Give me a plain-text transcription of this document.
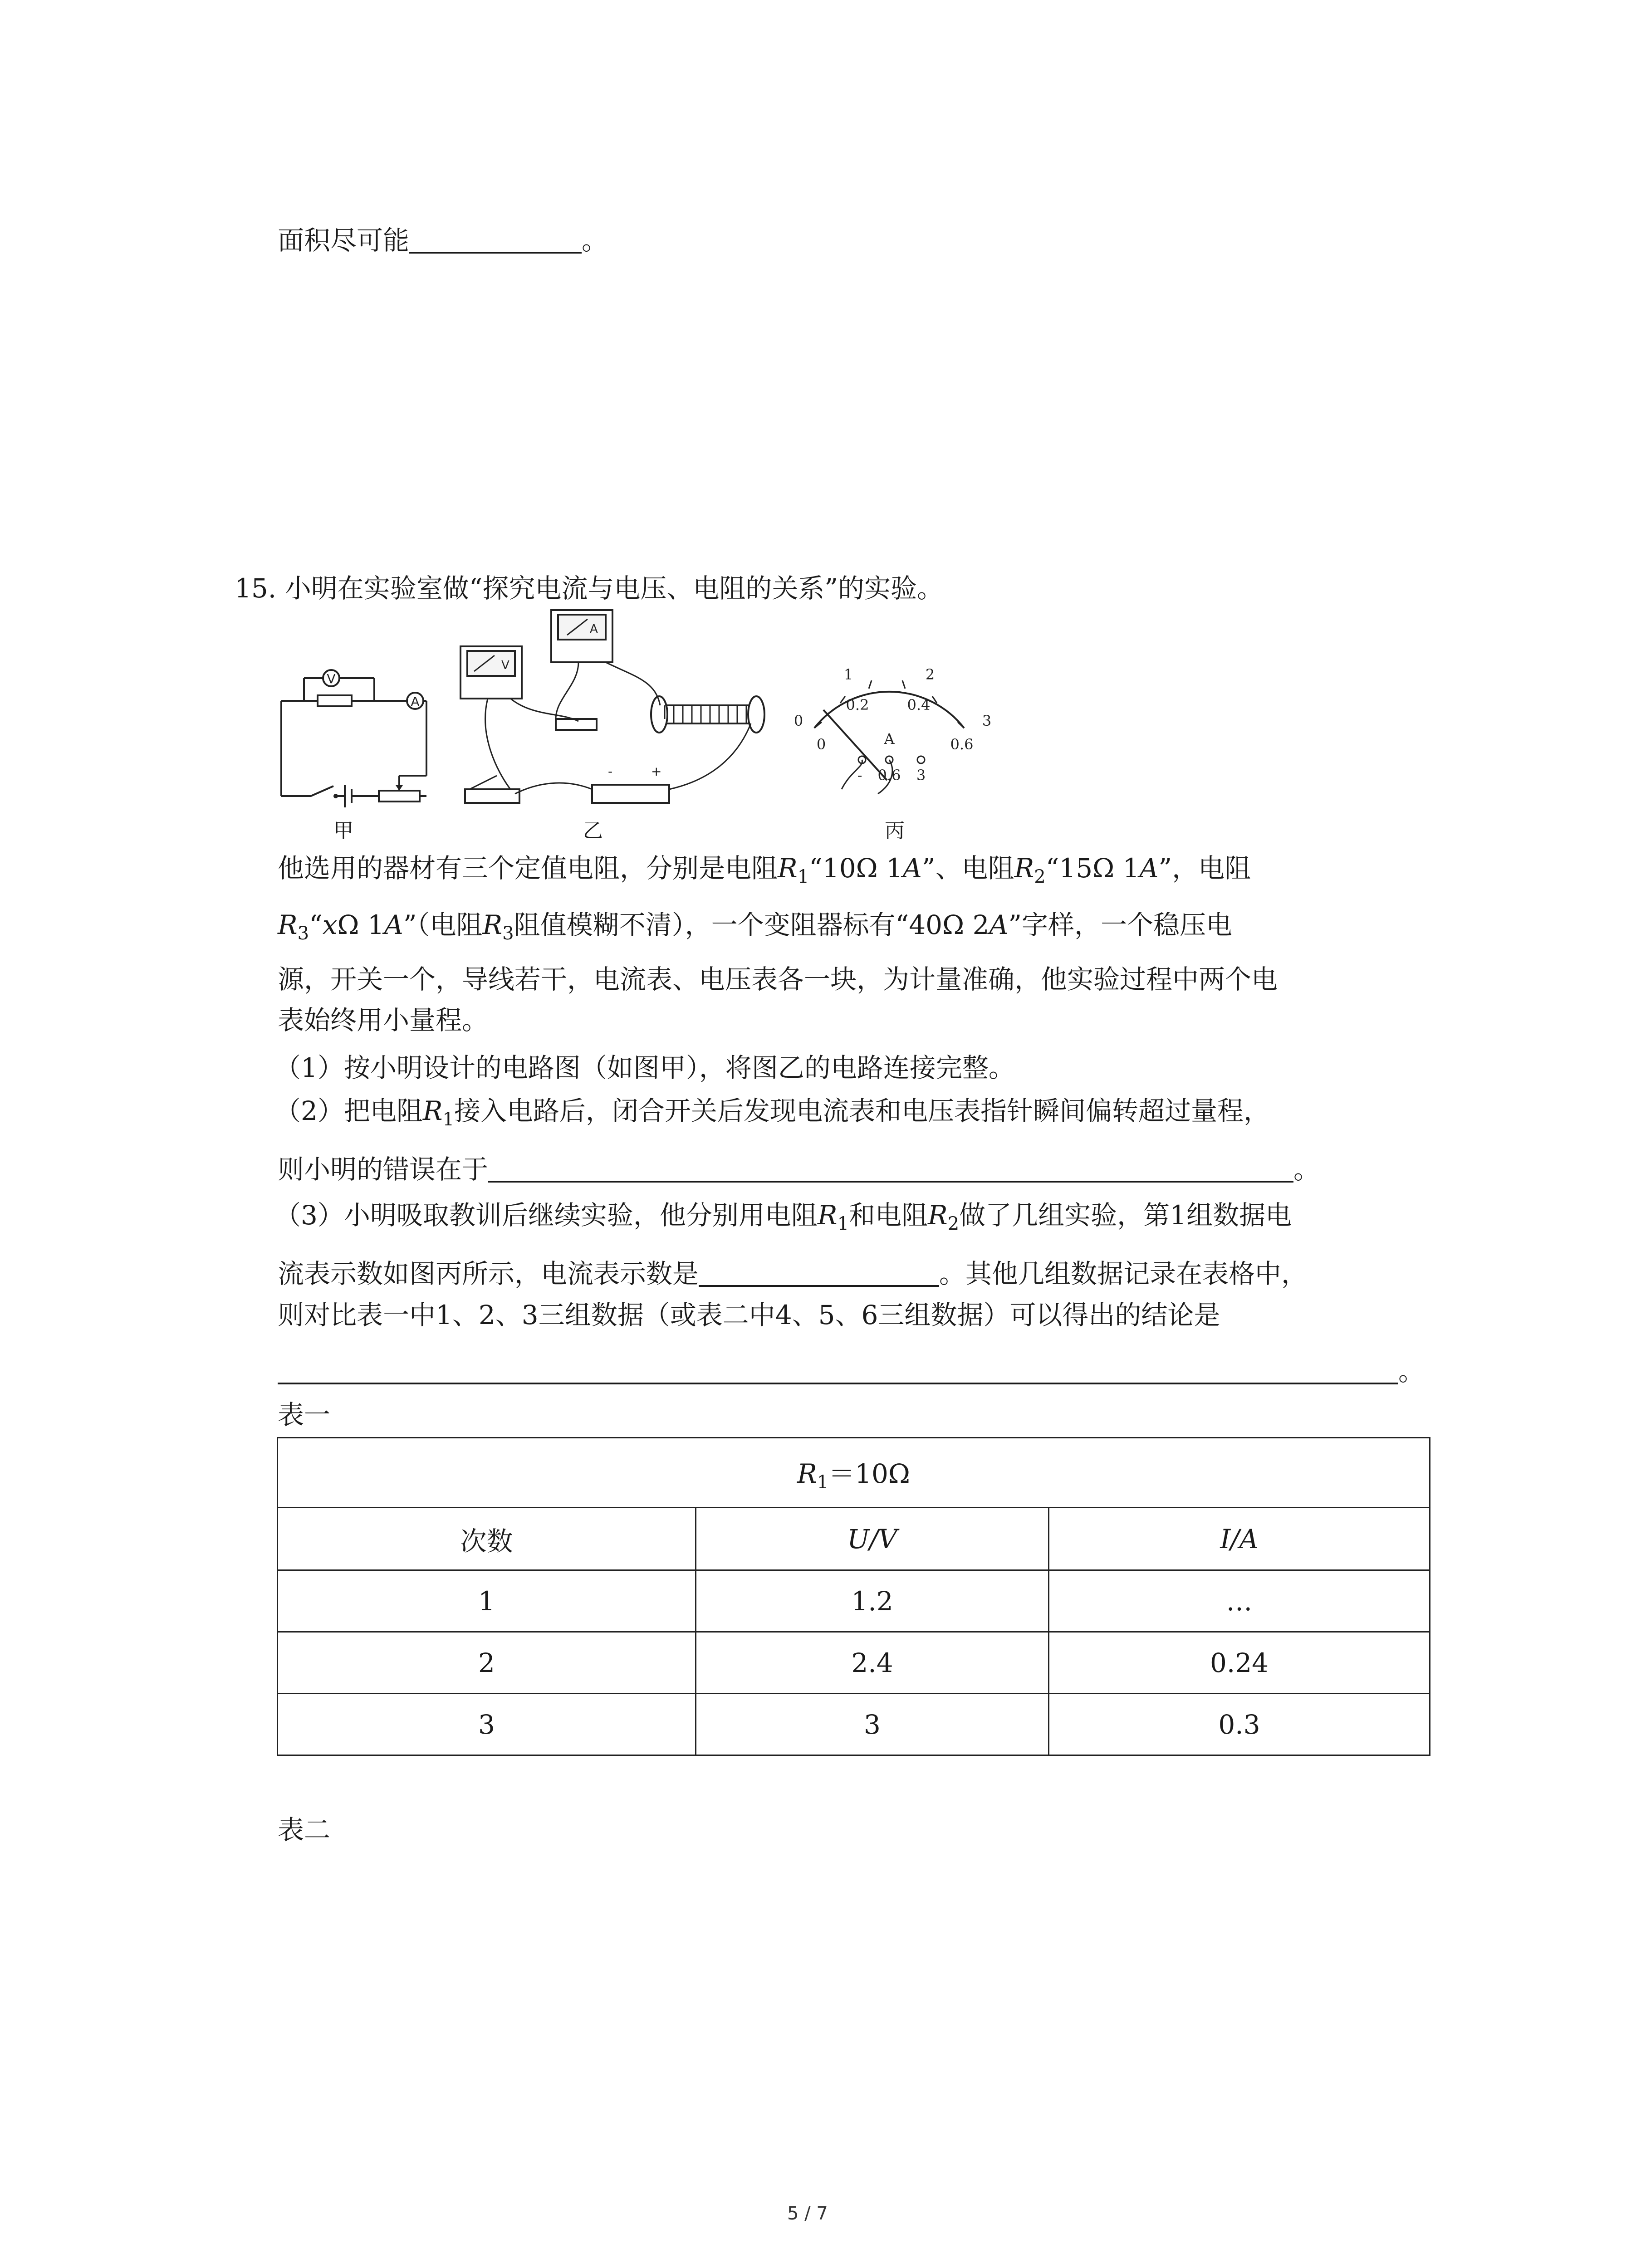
面积尽可能	。
15. 小明在实验室做“探究电流与电压、电阻的关系”的实验。
V
A
V
A
-	+
1	2
0	3
0.2	0.4
0	0.6
A
- 0.6 3
甲	乙	丙
他选用的器材有三个定值电阻，分别是电阻$R_1“10\Omega$ 1A”、电阻$R_2“15\Omega$ 1A”，电阻
$R_3“x\Omega$ 1A”（电阻$R_3$阻值模糊不清），一个变阻器标有“40Ω 2A”字样，一个稳压电
源，开关一个，导线若干，电流表、电压表各一块，为计量准确，他实验过程中两个电
表始终用小量程。
（1）按小明设计的电路图（如图甲），将图乙的电路连接完整。
（2）把电阻$R_1$接入电路后，闭合开关后发现电流表和电压表指针瞬间偏转超过量程，
则小明的错误在于	。
（3）小明吸取教训后继续实验，他分别用电阻$R_1$和电阻$R_2$做了几组实验，第1组数据电
流表示数如图丙所示，电流表示数是	。其他几组数据记录在表格中，
则对比表一中1、2、3三组数据（或表二中4、5、6三组数据）可以得出的结论是
。
表一
$R_1=10\Omega$		
次数	U/V	I/A
1	1.2	…
2	2.4	0.24
3	3	0.3
表二
5 / 7
